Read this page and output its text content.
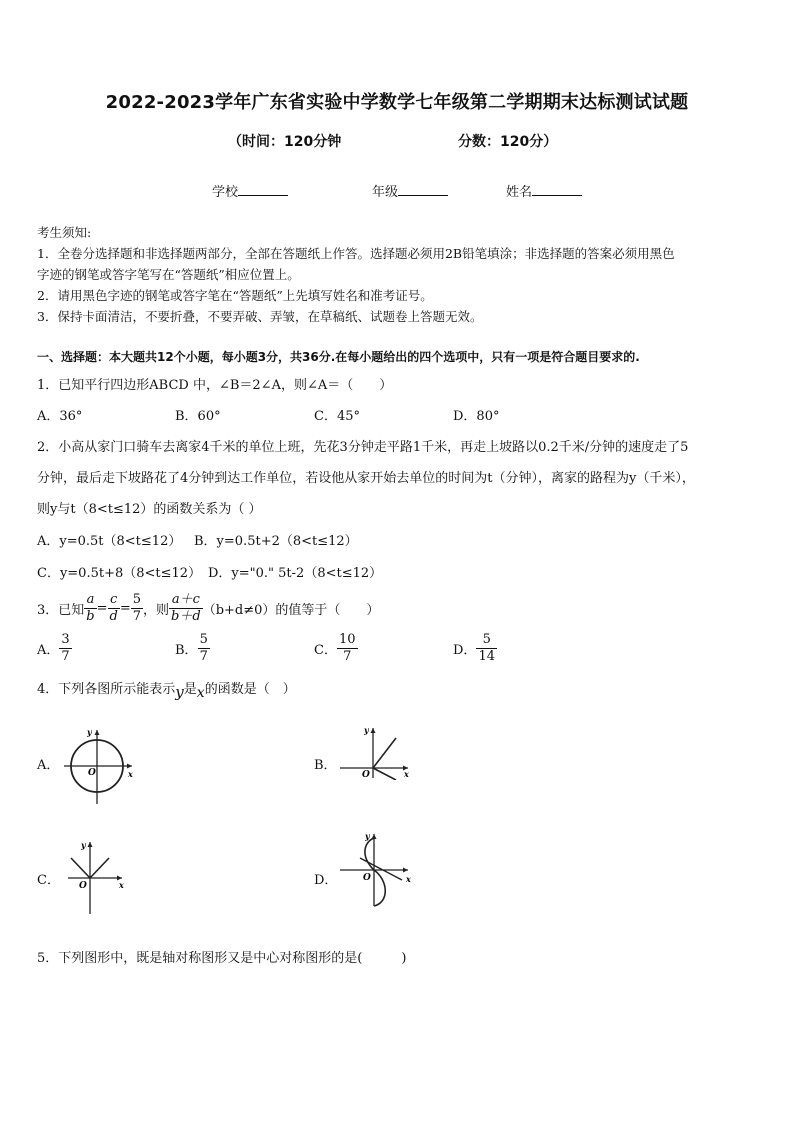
2022-2023学年广东省实验中学数学七年级第二学期期末达标测试试题
（时间：120分钟	分数：120分）
学校	年级	姓名
考生须知:
1．全卷分选择题和非选择题两部分，全部在答题纸上作答。选择题必须用2B铅笔填涂；非选择题的答案必须用黑色
字迹的钢笔或答字笔写在“答题纸”相应位置上。
2．请用黑色字迹的钢笔或答字笔在“答题纸”上先填写姓名和准考证号。
3．保持卡面清洁，不要折叠，不要弄破、弄皱，在草稿纸、试题卷上答题无效。
一、选择题：本大题共12个小题，每小题3分，共36分.在每小题给出的四个选项中，只有一项是符合题目要求的.
1．已知平行四边形ABCD 中，∠B＝2∠A，则∠A＝（　　）
A．36°	B．60°	C．45°	D．80°
2．小高从家门口骑车去离家4千米的单位上班，先花3分钟走平路1千米，再走上坡路以0.2千米/分钟的速度走了5
分钟，最后走下坡路花了4分钟到达工作单位，若设他从家开始去单位的时间为t（分钟），离家的路程为y（千米），
则y与t（8<t≤12）的函数关系为（ ）
A．y=0.5t（8<t≤12） B．y=0.5t+2（8<t≤12）
C．y=0.5t+8（8<t≤12） D．y="0." 5t-2（8<t≤12）
3．已知 $\frac{a}{b} = \frac{c}{d} = \frac{5}{7}$ ，则 $\frac{a+c}{b+d} (b+d\ne 0)$的值等于（　　）
A． $\frac{3}{7}$	B． $\frac{5}{7}$	C． $\frac{10}{7}$	D． $\frac{5}{14}$
4．下列各图所示能表示y是x的函数是（　）
A．
y
x
O	B．
y
x
O
C．
y
x
O	D．
y
x
O
5．下列图形中，既是轴对称图形又是中心对称图形的是(　　　)
